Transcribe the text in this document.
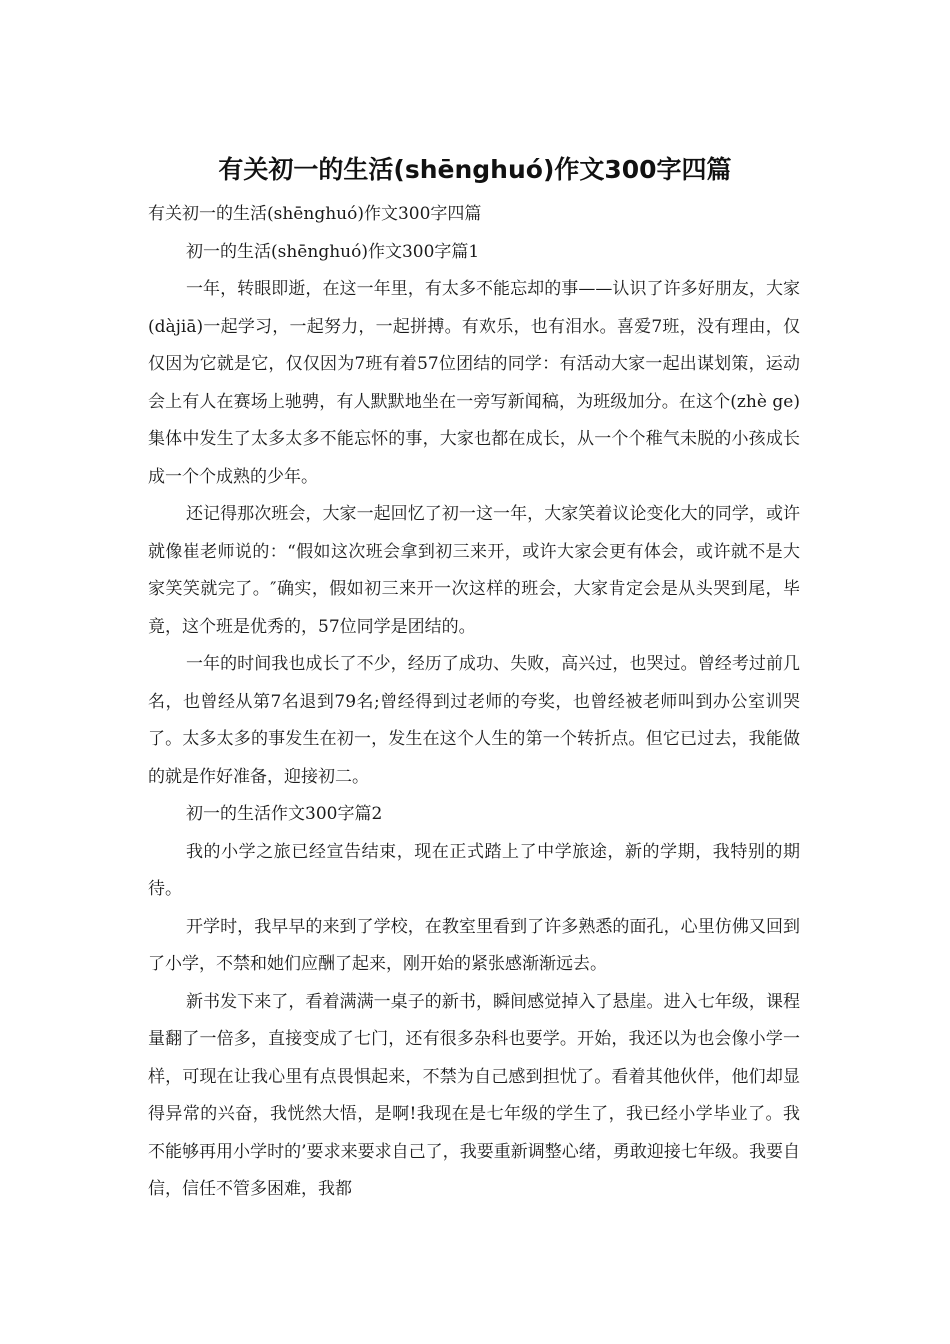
有关初一的生活(shēnghuó)作文300字四篇

有关初一的生活(shēnghuó)作文300字四篇

初一的生活(shēnghuó)作文300字篇1

一年，转眼即逝，在这一年里，有太多不能忘却的事——认识了许多好朋友，大家(dàjiā)一起学习，一起努力，一起拼搏。有欢乐，也有泪水。喜爱7班，没有理由，仅仅因为它就是它，仅仅因为7班有着57位团结的同学：有活动大家一起出谋划策，运动会上有人在赛场上驰骋，有人默默地坐在一旁写新闻稿，为班级加分。在这个(zhè ge)集体中发生了太多太多不能忘怀的事，大家也都在成长，从一个个稚气未脱的小孩成长成一个个成熟的少年。

还记得那次班会，大家一起回忆了初一这一年，大家笑着议论变化大的同学，或许就像崔老师说的：“假如这次班会拿到初三来开，或许大家会更有体会，或许就不是大家笑笑就完了。″确实，假如初三来开一次这样的班会，大家肯定会是从头哭到尾，毕竟，这个班是优秀的，57位同学是团结的。

一年的时间我也成长了不少，经历了成功、失败，高兴过，也哭过。曾经考过前几名，也曾经从第7名退到79名;曾经得到过老师的夸奖，也曾经被老师叫到办公室训哭了。太多太多的事发生在初一，发生在这个人生的第一个转折点。但它已过去，我能做的就是作好准备，迎接初二。

初一的生活作文300字篇2

我的小学之旅已经宣告结束，现在正式踏上了中学旅途，新的学期，我特别的期待。

开学时，我早早的来到了学校，在教室里看到了许多熟悉的面孔，心里仿佛又回到了小学，不禁和她们应酬了起来，刚开始的紧张感渐渐远去。

新书发下来了，看着满满一桌子的新书，瞬间感觉掉入了悬崖。进入七年级，课程量翻了一倍多，直接变成了七门，还有很多杂科也要学。开始，我还以为也会像小学一样，可现在让我心里有点畏惧起来，不禁为自己感到担忧了。看着其他伙伴，他们却显得异常的兴奋，我恍然大悟，是啊!我现在是七年级的学生了，我已经小学毕业了。我不能够再用小学时的’要求来要求自己了，我要重新调整心绪，勇敢迎接七年级。我要自信，信任不管多困难，我都
